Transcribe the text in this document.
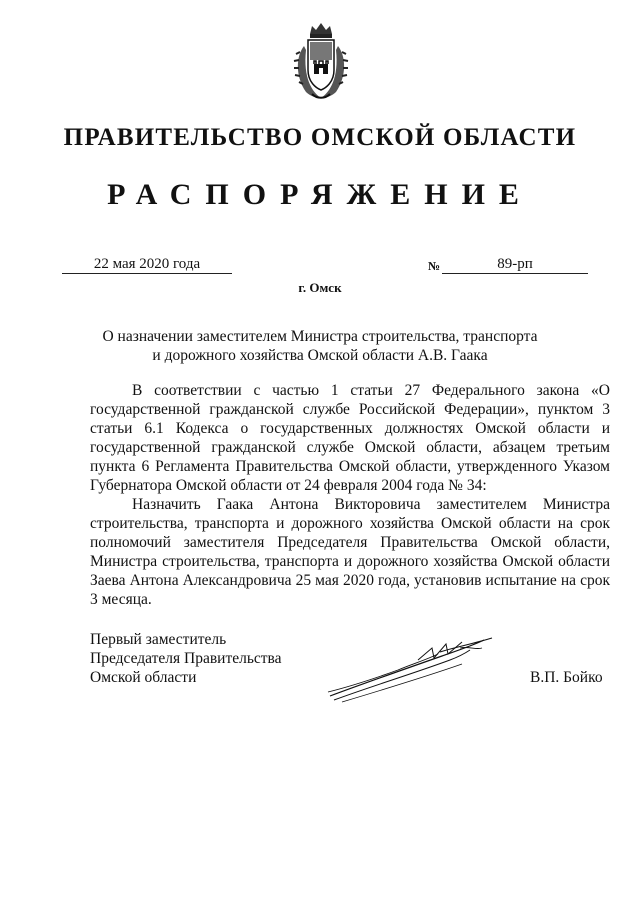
ПРАВИТЕЛЬСТВО ОМСКОЙ ОБЛАСТИ
РАСПОРЯЖЕНИЕ
22 мая 2020 года	№	89-рп
г. Омск
О назначении заместителем Министра строительства, транспорта
и дорожного хозяйства Омской области А.В. Гаака

В соответствии с частью 1 статьи 27 Федерального закона «О государственной гражданской службе Российской Федерации», пунктом 3 статьи 6.1 Кодекса о государственных должностях Омской области и государственной гражданской службе Омской области, абзацем третьим пункта 6 Регламента Правительства Омской области, утвержденного Указом Губернатора Омской области от 24 февраля 2004 года № 34:

Назначить Гаака Антона Викторовича заместителем Министра строительства, транспорта и дорожного хозяйства Омской области на срок полномочий заместителя Председателя Правительства Омской области, Министра строительства, транспорта и дорожного хозяйства Омской области Заева Антона Александровича 25 мая 2020 года, установив испытание на срок 3 месяца.

Первый заместитель
Председателя Правительства
Омской области	В.П. Бойко
